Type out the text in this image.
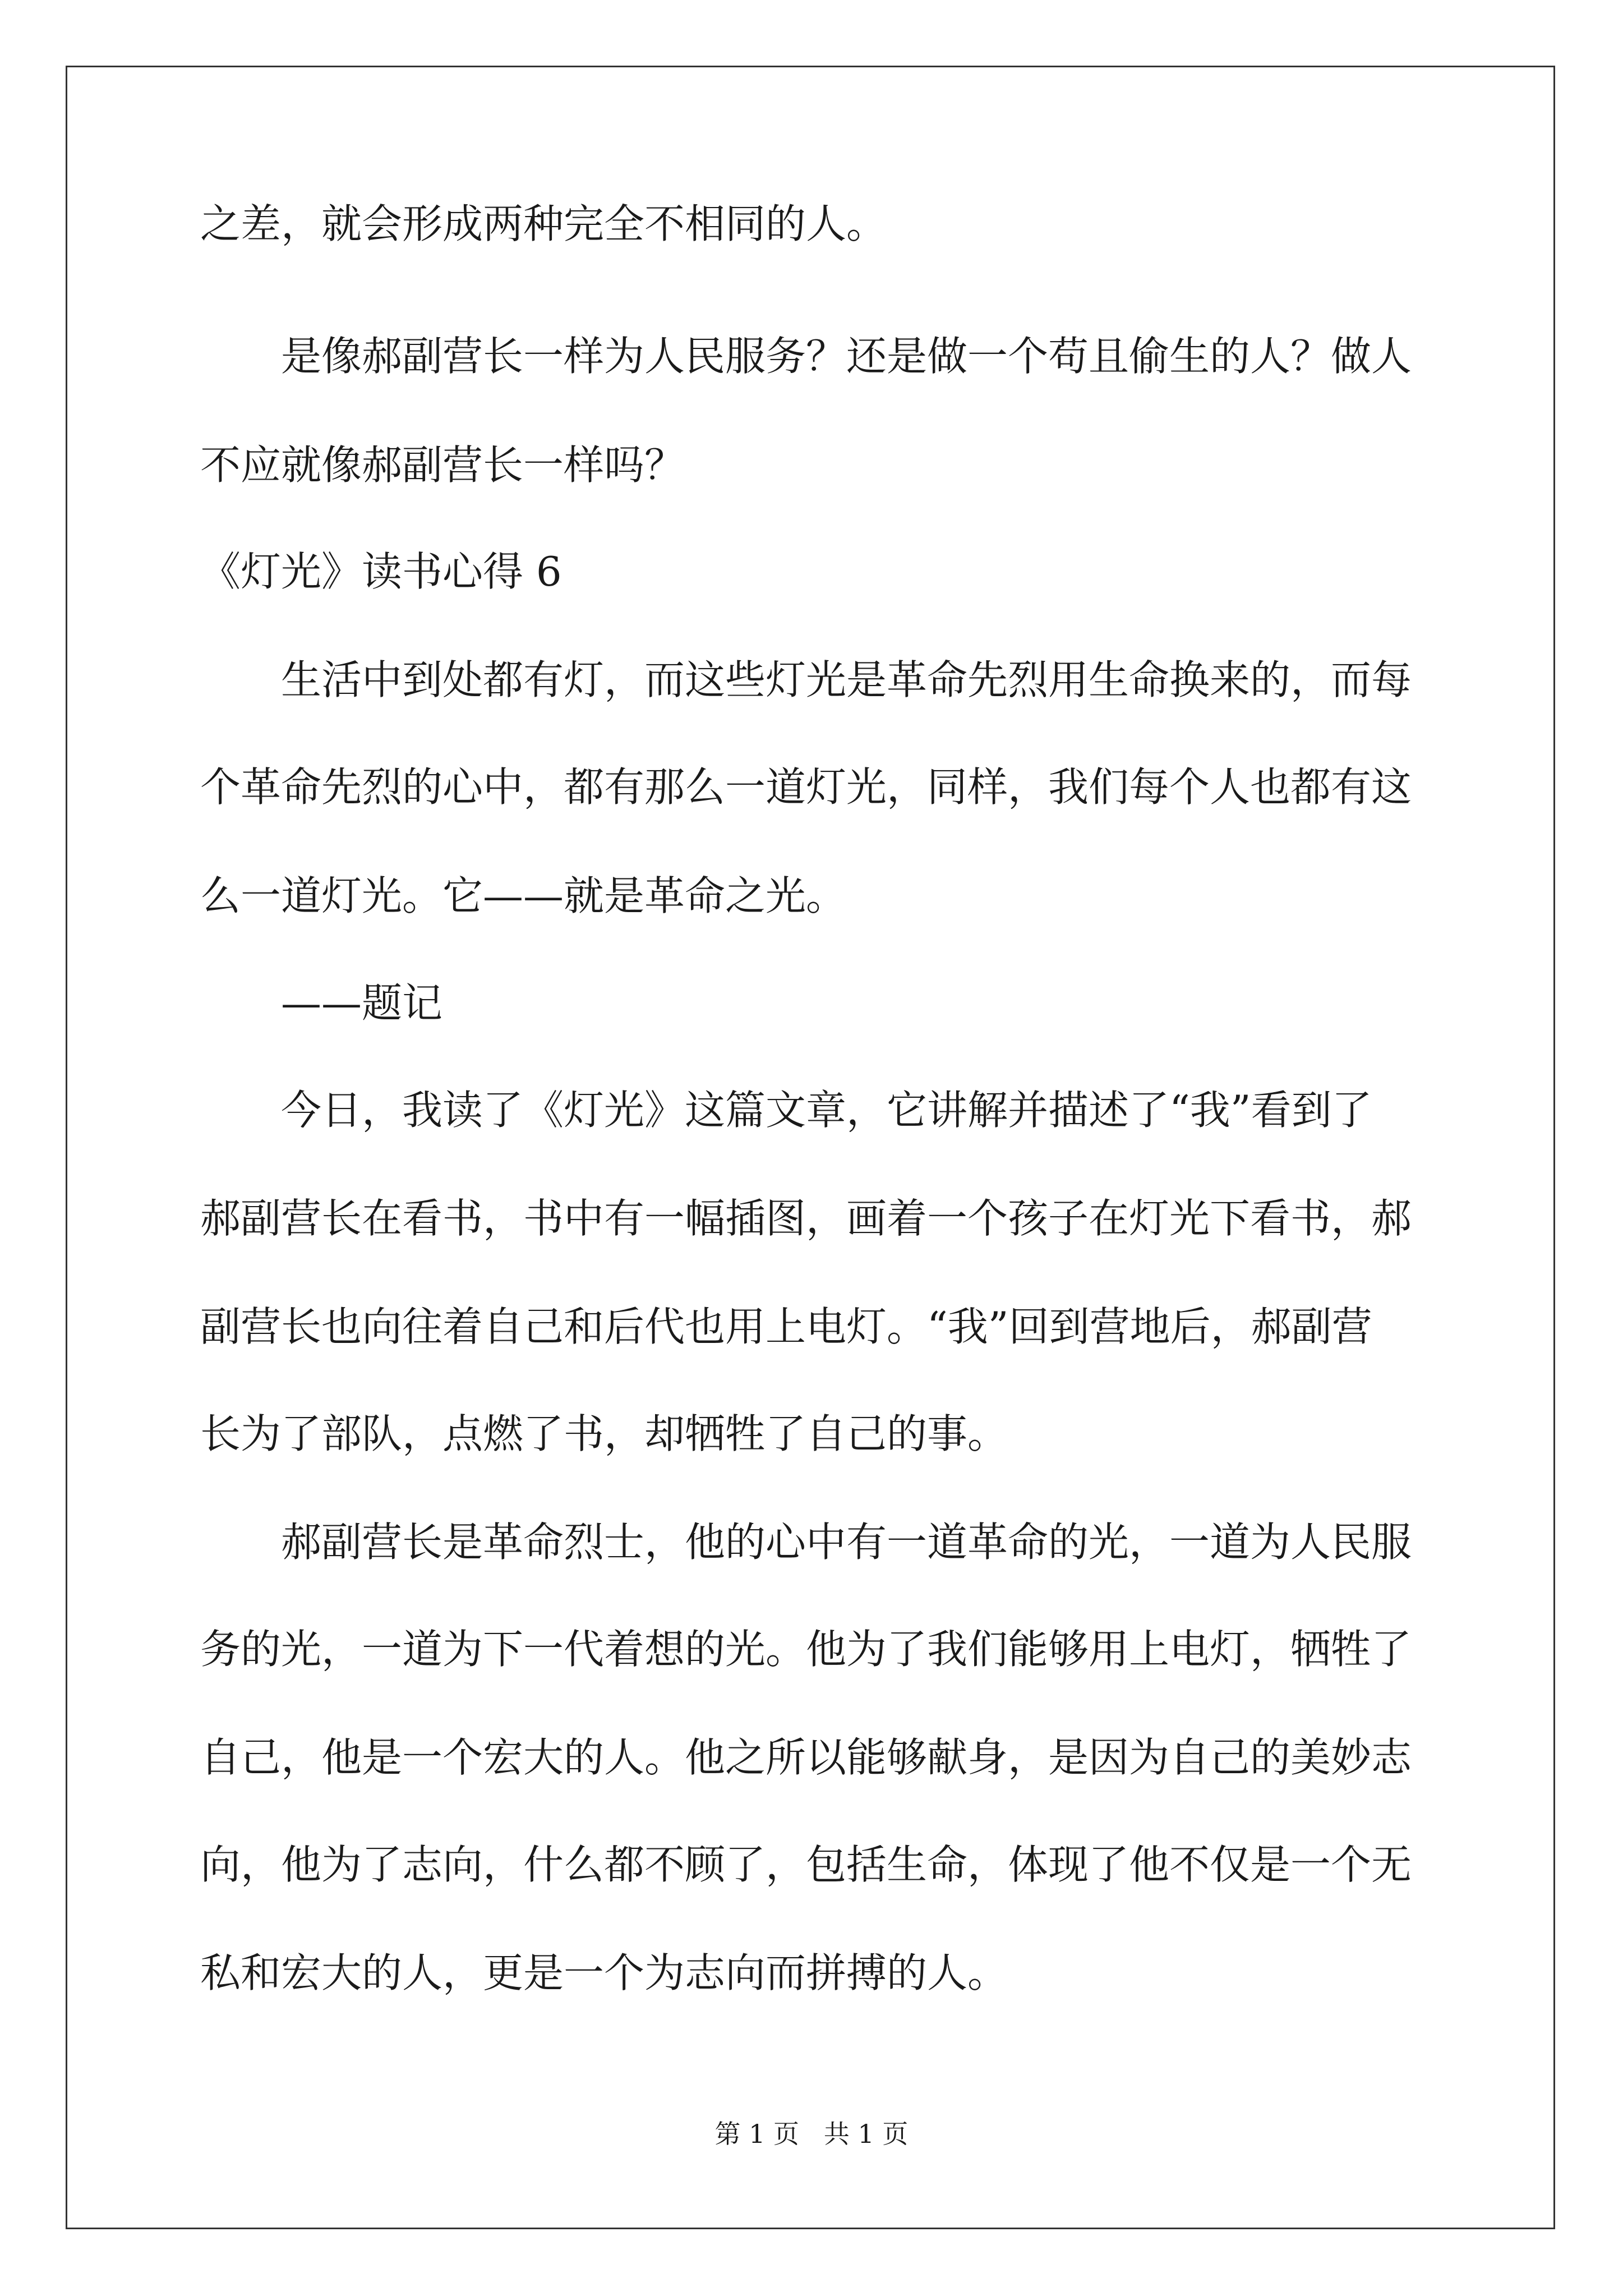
之差，就会形成两种完全不相同的人。

是像郝副营长一样为人民服务？还是做一个苟且偷生的人？做人

不应就像郝副营长一样吗？

《灯光》读书心得 6

生活中到处都有灯，而这些灯光是革命先烈用生命换来的，而每

个革命先烈的心中，都有那么一道灯光，同样，我们每个人也都有这

么一道灯光。它——就是革命之光。

——题记

今日，我读了《灯光》这篇文章，它讲解并描述了“我”看到了

郝副营长在看书，书中有一幅插图，画着一个孩子在灯光下看书，郝

副营长也向往着自己和后代也用上电灯。“我”回到营地后，郝副营

长为了部队，点燃了书，却牺牲了自己的事。

郝副营长是革命烈士，他的心中有一道革命的光，一道为人民服

务的光，一道为下一代着想的光。他为了我们能够用上电灯，牺牲了

自己，他是一个宏大的人。他之所以能够献身，是因为自己的美妙志

向，他为了志向，什么都不顾了，包括生命，体现了他不仅是一个无

私和宏大的人，更是一个为志向而拼搏的人。

第 1 页   共 1 页
